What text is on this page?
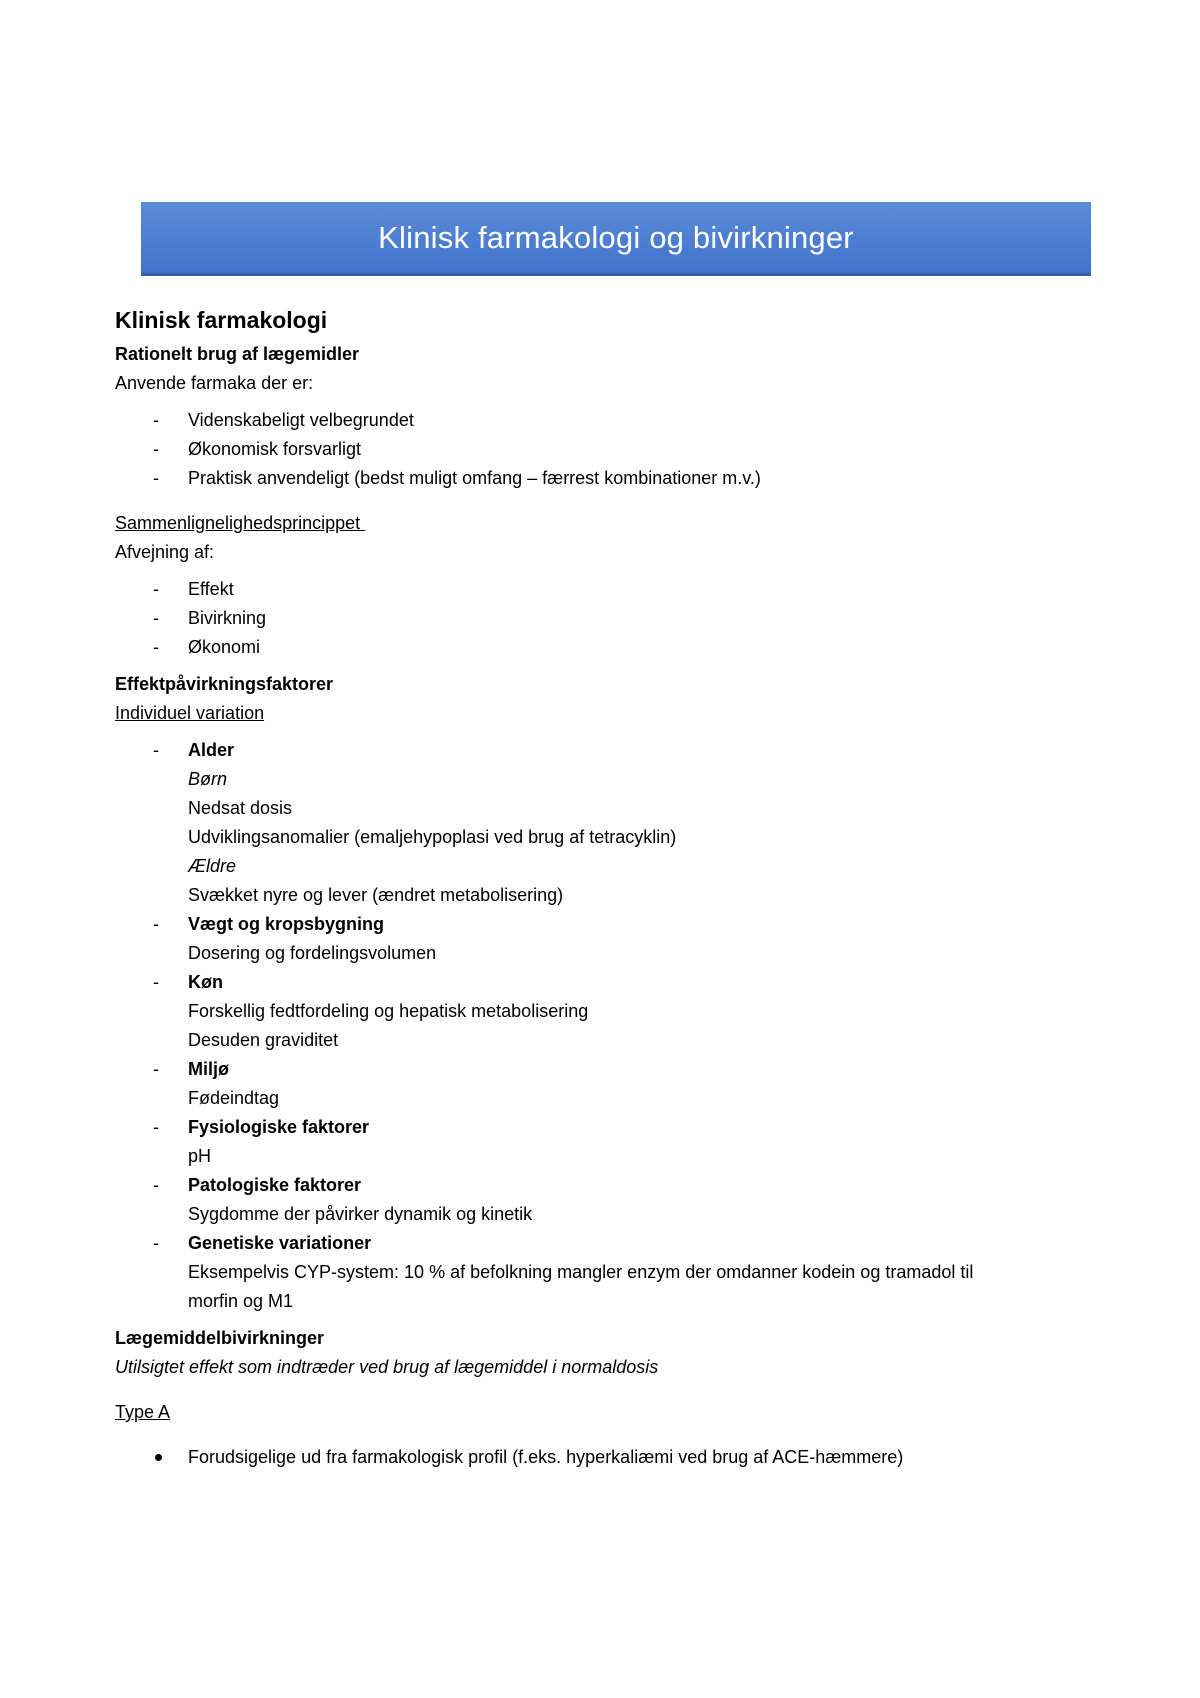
Klinisk farmakologi og bivirkninger
Klinisk farmakologi
Rationelt brug af lægemidler
Anvende farmaka der er:
- Videnskabeligt velbegrundet
- Økonomisk forsvarligt
- Praktisk anvendeligt (bedst muligt omfang – færrest kombinationer m.v.)
Sammenlignelighedsprincippet
Afvejning af:
- Effekt
- Bivirkning
- Økonomi
Effektpåvirkningsfaktorer
Individuel variation
- Alder
Børn
Nedsat dosis
Udviklingsanomalier (emaljehypoplasi ved brug af tetracyklin)
Ældre
Svækket nyre og lever (ændret metabolisering)
- Vægt og kropsbygning
Dosering og fordelingsvolumen
- Køn
Forskellig fedtfordeling og hepatisk metabolisering
Desuden graviditet
- Miljø
Fødeindtag
- Fysiologiske faktorer
pH
- Patologiske faktorer
Sygdomme der påvirker dynamik og kinetik
- Genetiske variationer
Eksempelvis CYP-system: 10 % af befolkning mangler enzym der omdanner kodein og tramadol til
morfin og M1
Lægemiddelbivirkninger
Utilsigtet effekt som indtræder ved brug af lægemiddel i normaldosis
Type A
Forudsigelige ud fra farmakologisk profil (f.eks. hyperkaliæmi ved brug af ACE-hæmmere)
